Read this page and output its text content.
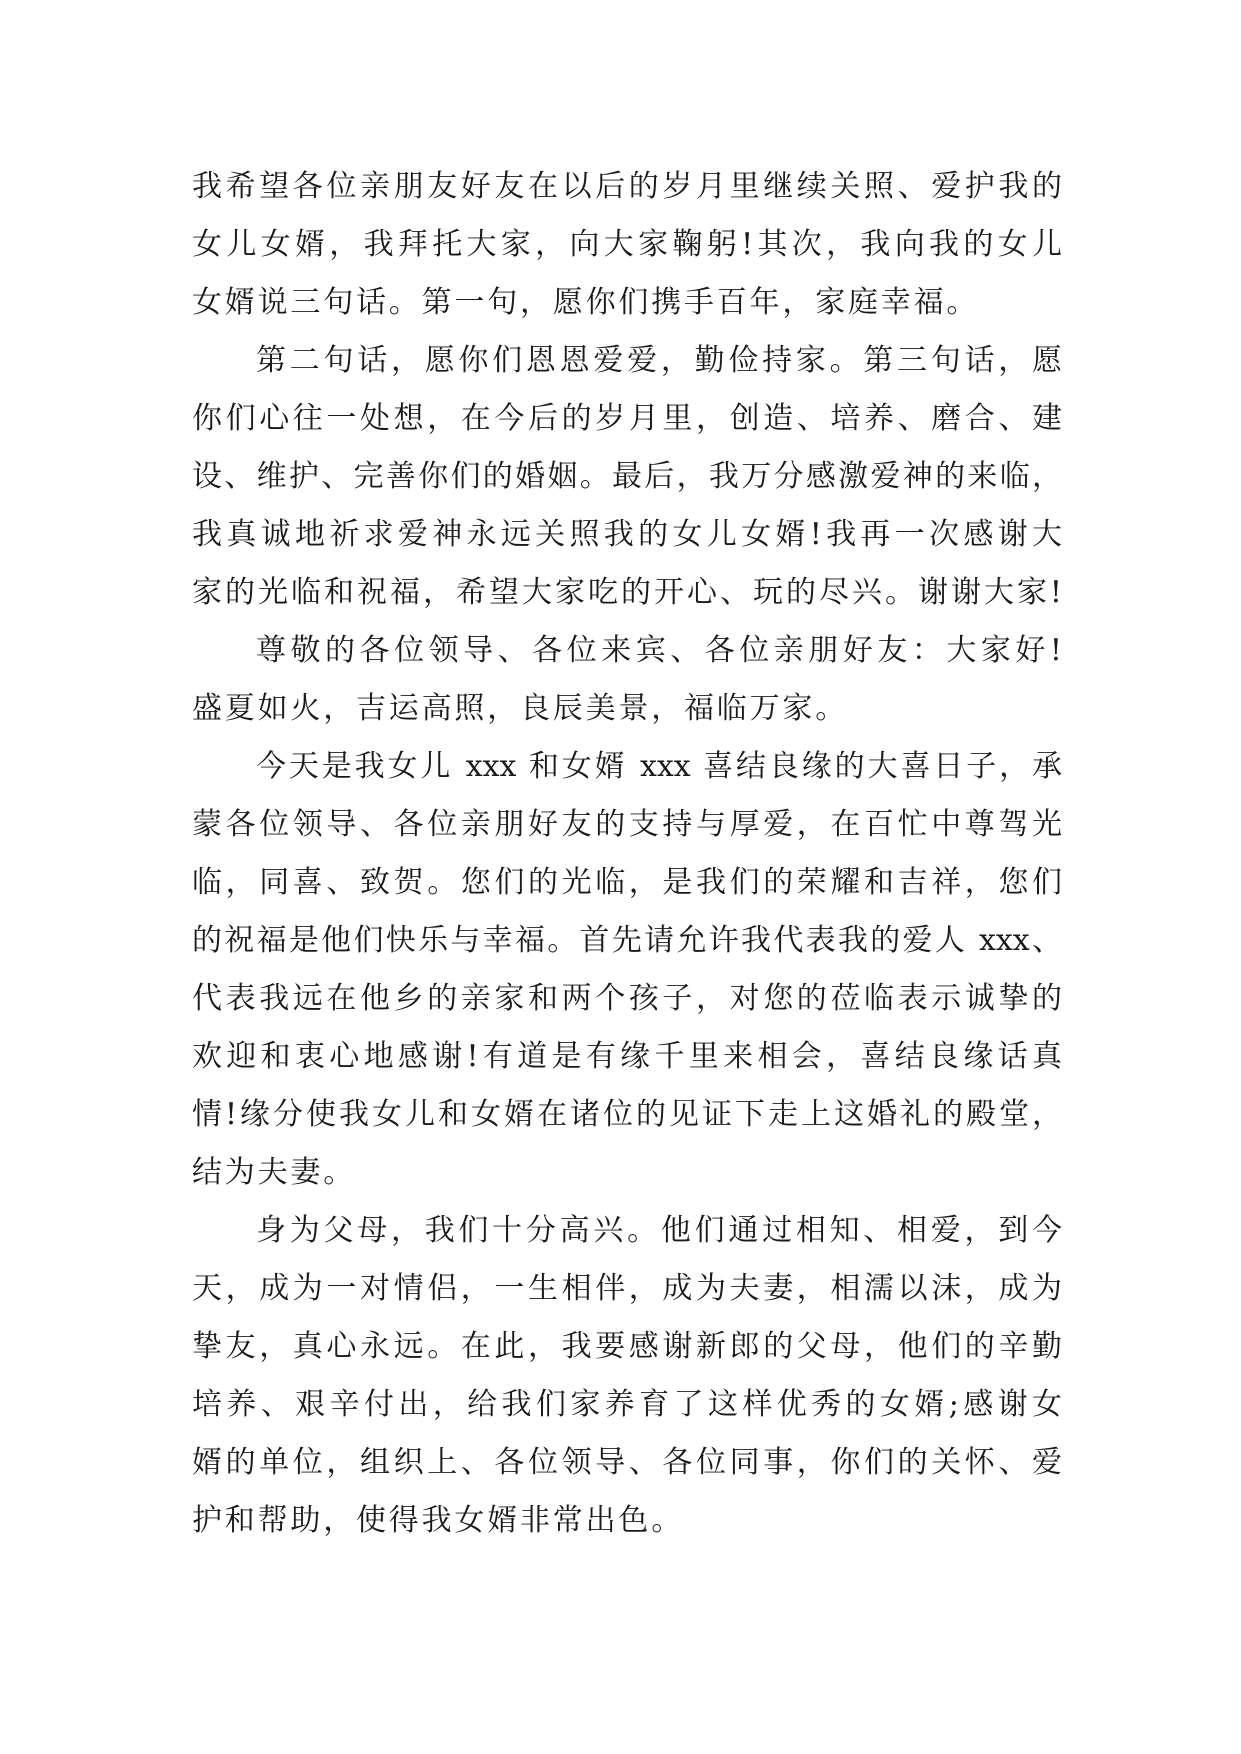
我希望各位亲朋友好友在以后的岁月里继续关照、爱护我的
女儿女婿，我拜托大家，向大家鞠躬!其次，我向我的女儿
女婿说三句话。第一句，愿你们携手百年，家庭幸福。
第二句话，愿你们恩恩爱爱，勤俭持家。第三句话，愿
你们心往一处想，在今后的岁月里，创造、培养、磨合、建
设、维护、完善你们的婚姻。最后，我万分感激爱神的来临，
我真诚地祈求爱神永远关照我的女儿女婿!我再一次感谢大
家的光临和祝福，希望大家吃的开心、玩的尽兴。谢谢大家!
尊敬的各位领导、各位来宾、各位亲朋好友：大家好!
盛夏如火，吉运高照，良辰美景，福临万家。
今天是我女儿 xxx 和女婿 xxx 喜结良缘的大喜日子，承
蒙各位领导、各位亲朋好友的支持与厚爱，在百忙中尊驾光
临，同喜、致贺。您们的光临，是我们的荣耀和吉祥，您们
的祝福是他们快乐与幸福。首先请允许我代表我的爱人 xxx、
代表我远在他乡的亲家和两个孩子，对您的莅临表示诚挚的
欢迎和衷心地感谢!有道是有缘千里来相会，喜结良缘话真
情!缘分使我女儿和女婿在诸位的见证下走上这婚礼的殿堂，
结为夫妻。
身为父母，我们十分高兴。他们通过相知、相爱，到今
天，成为一对情侣，一生相伴，成为夫妻，相濡以沫，成为
挚友，真心永远。在此，我要感谢新郎的父母，他们的辛勤
培养、艰辛付出，给我们家养育了这样优秀的女婿;感谢女
婿的单位，组织上、各位领导、各位同事，你们的关怀、爱
护和帮助，使得我女婿非常出色。
